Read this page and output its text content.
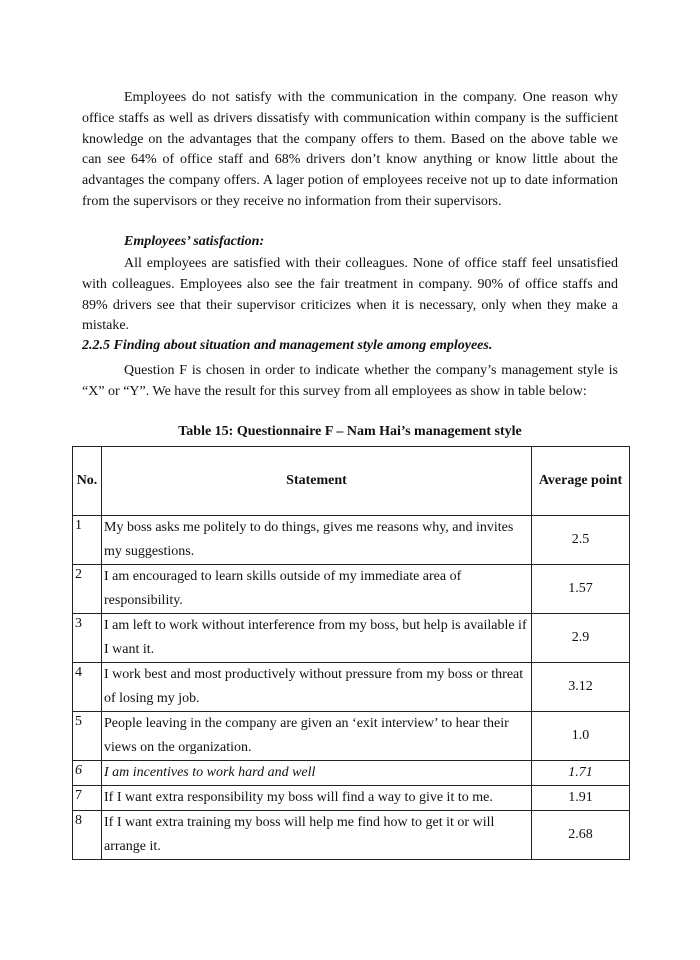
Employees do not satisfy with the communication in the company. One reason why office staffs as well as drivers dissatisfy with communication within company is the sufficient knowledge on the advantages that the company offers to them. Based on the above table we can see 64% of office staff and 68% drivers don’t know anything or know little about the advantages the company offers. A lager potion of employees receive not up to date information from the supervisors or they receive no information from their supervisors.

Employees’ satisfaction:

All employees are satisfied with their colleagues. None of office staff feel unsatisfied with colleagues. Employees also see the fair treatment in company. 90% of office staffs and 89% drivers see that their supervisor criticizes when it is necessary, only when they make a mistake.

2.2.5 Finding about situation and management style among employees.

Question F is chosen in order to indicate whether the company’s management style is “X” or “Y”. We have the result for this survey from all employees as show in table below:

Table 15: Questionnaire F – Nam Hai’s management style

No.	Statement	Average point
1	My boss asks me politely to do things, gives me reasons why, and invites my suggestions.	2.5
2	I am encouraged to learn skills outside of my immediate area of responsibility.	1.57
3	I am left to work without interference from my boss, but help is available if I want it.	2.9
4	I work best and most productively without pressure from my boss or threat of losing my job.	3.12
5	People leaving in the company are given an ‘exit interview’ to hear their views on the organization.	1.0
6	I am incentives to work hard and well	1.71
7	If I want extra responsibility my boss will find a way to give it to me.	1.91
8	If I want extra training my boss will help me find how to get it or will arrange it.	2.68
